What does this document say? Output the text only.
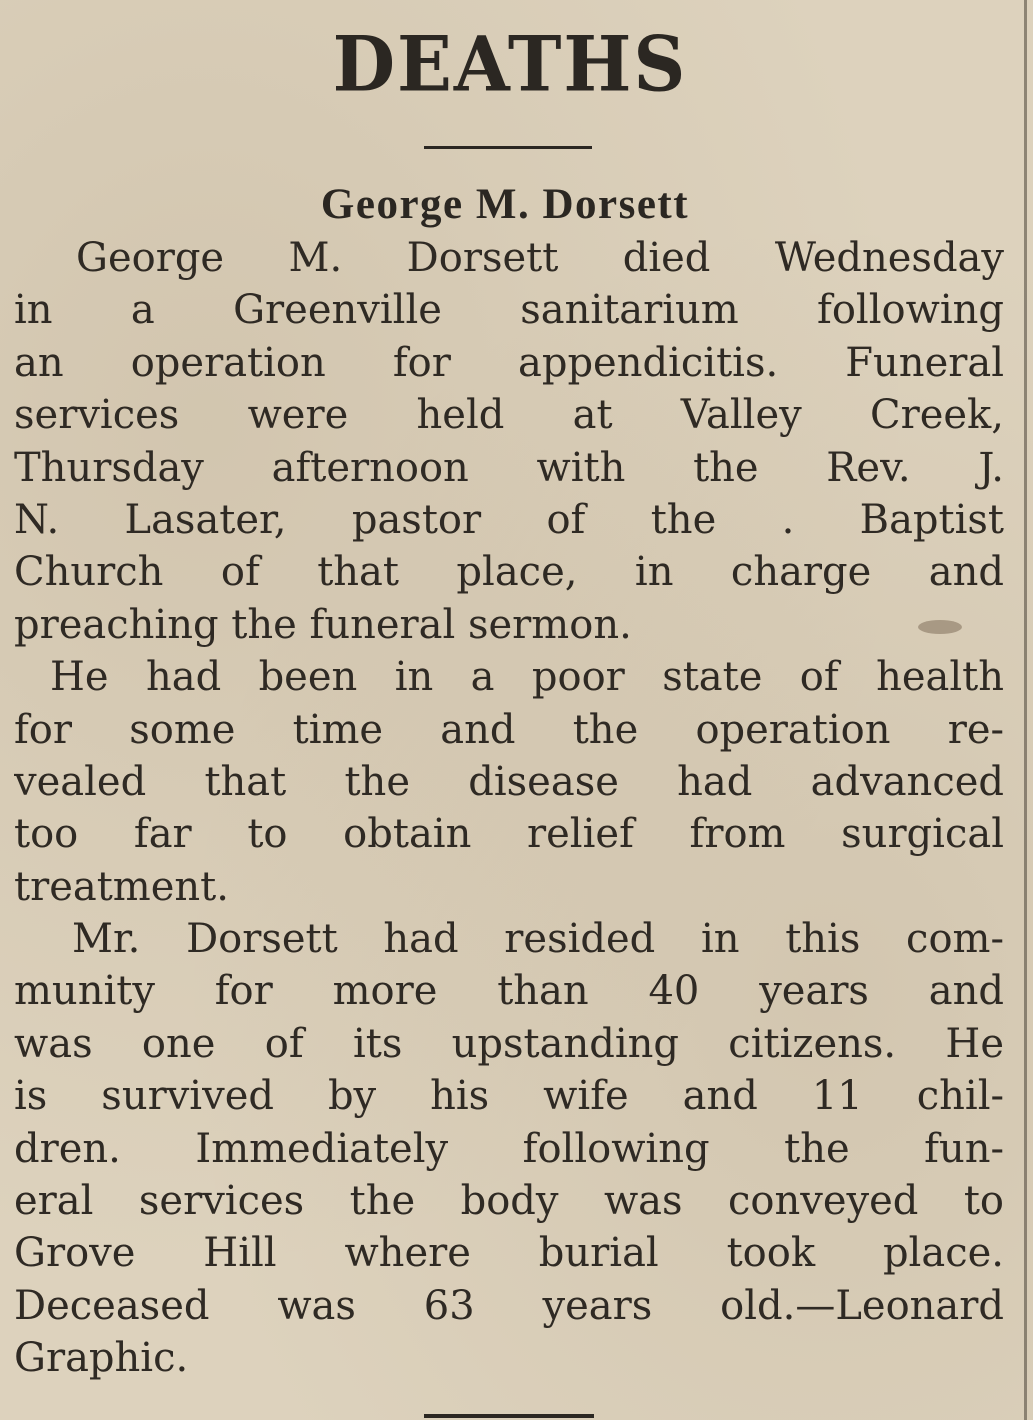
DEATHS
George M. Dorsett
George M. Dorsett died Wednesday
in a Greenville sanitarium following
an operation for appendicitis. Funeral
services were held at Valley Creek,
Thursday afternoon with the Rev. J.
N. Lasater, pastor of the . Baptist
Church of that place, in charge and
preaching the funeral sermon.
He had been in a poor state of health
for some time and the operation re-
vealed that the disease had advanced
too far to obtain relief from surgical
treatment.
Mr. Dorsett had resided in this com-
munity for more than 40 years and
was one of its upstanding citizens. He
is survived by his wife and 11 chil-
dren. Immediately following the fun-
eral services the body was conveyed to
Grove Hill where burial took place.
Deceased was 63 years old.—Leonard
Graphic.
